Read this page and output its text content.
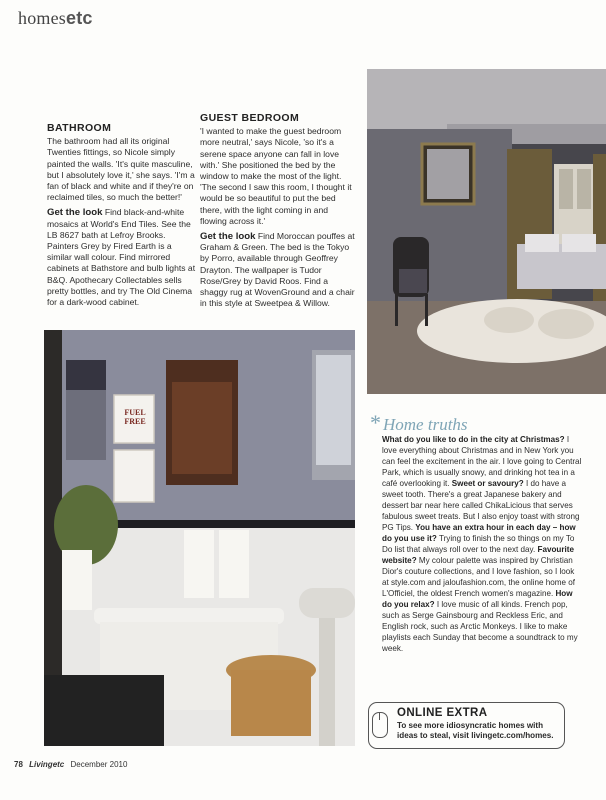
homesetc
BATHROOM

The bathroom had all its original Twenties fittings, so Nicole simply painted the walls. 'It's quite masculine, but I absolutely love it,' she says. 'I'm a fan of black and white and if they're on reclaimed tiles, so much the better!'

Get the look Find black-and-white mosaics at World's End Tiles. See the LB 8627 bath at Lefroy Brooks. Painters Grey by Fired Earth is a similar wall colour. Find mirrored cabinets at Bathstore and bulb lights at B&Q. Apothecary Collectables sells pretty bottles, and try The Old Cinema for a dark-wood cabinet.

GUEST BEDROOM

'I wanted to make the guest bedroom more neutral,' says Nicole, 'so it's a serene space anyone can fall in love with.' She positioned the bed by the window to make the most of the light. 'The second I saw this room, I thought it would be so beautiful to put the bed there, with the light coming in and flowing across it.'

Get the look Find Moroccan pouffes at Graham & Green. The bed is the Tokyo by Porro, available through Geoffrey Drayton. The wallpaper is Tudor Rose/Grey by David Roos. Find a shaggy rug at WovenGround and a chair in this style at Sweetpea & Willow.

FUEL FREE	* Home truths
What do you like to do in the city at Christmas? I love everything about Christmas and in New York you can feel the excitement in the air. I love going to Central Park, which is usually snowy, and drinking hot tea in a café overlooking it. Sweet or savoury? I do have a sweet tooth. There's a great Japanese bakery and dessert bar near here called ChikaLicious that serves fabulous sweet treats. But I also enjoy toast with strong PG Tips. You have an extra hour in each day – how do you use it? Trying to finish the so things on my To Do list that always roll over to the next day. Favourite website? My colour palette was inspired by Christian Dior's couture collections, and I love fashion, so I look at style.com and jaloufashion.com, the online home of L'Officiel, the oldest French women's magazine. How do you relax? I love music of all kinds. French pop, such as Serge Gainsbourg and Reckless Eric, and English rock, such as Arctic Monkeys. I like to make playlists each Sunday that become a soundtrack to my week.
ONLINE EXTRA
To see more idiosyncratic homes with ideas to steal, visit livingetc.com/homes.
78 Livingetc December 2010
